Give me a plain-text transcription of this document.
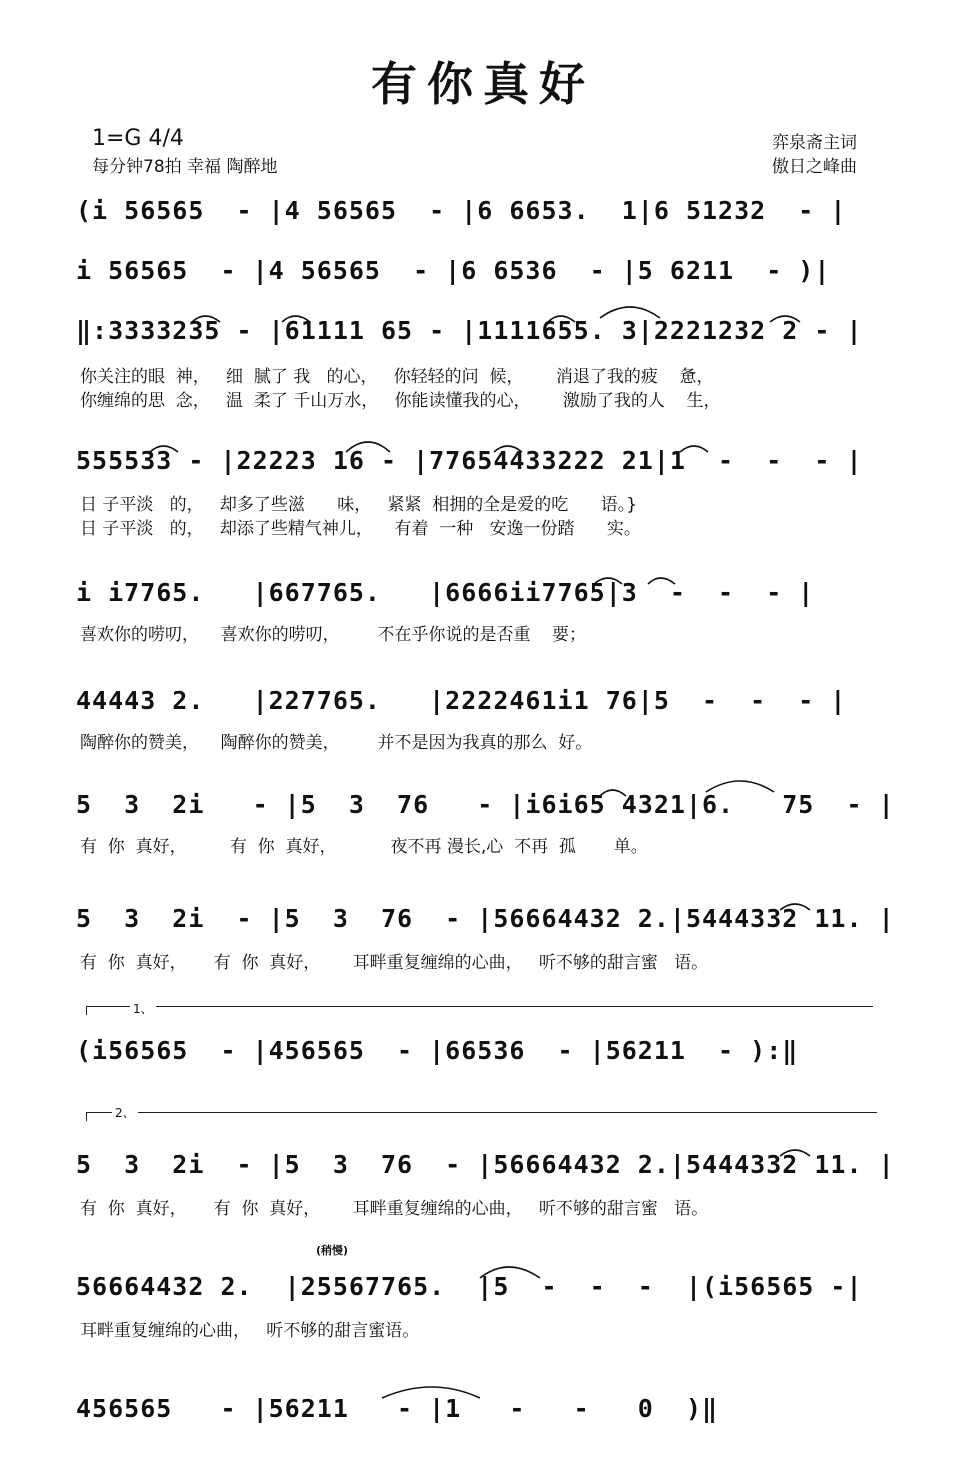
有你真好
1=G 4/4
每分钟78拍 幸福 陶醉地
弈泉斋主词
傲日之峰曲
(i 56565  - |4 56565  - |6 6653.  1|6 51232  - |
i 56565  - |4 56565  - |6 6536  - |5 6211  - )|
‖:3333235 - |61111 65 - |1111655. 3|2221232 2 - |
你关注的眼  神，   细  腻了 我   的心，   你轻轻的问  候，      消退了我的疲    惫，
你缠绵的思  念，   温  柔了 千山万水，   你能读懂我的心，      激励了我的人    生，
555533 - |22223 16 - |77654433222 21|1  -  -  - |
日 子平淡   的，   却多了些滋      味，   紧紧  相拥的全是爱的吃      语。}
日 子平淡   的，   却添了些精气神儿，    有着  一种   安逸一份踏      实。
i i7765.   |667765.   |6666ii7765|3  -  -  - |
喜欢你的唠叨，    喜欢你的唠叨，       不在乎你说的是否重    要；
44443 2.   |227765.   |2222461i1 76|5  -  -  - |
陶醉你的赞美，    陶醉你的赞美，       并不是因为我真的那么  好。
5  3  2i   - |5  3  76   - |i6i65 4321|6.   75  - |
有  你  真好，        有  你  真好，          夜不再 漫长,心  不再  孤       单。
5  3  2i  - |5  3  76  - |56664432 2.|5444332 11. |
有  你  真好，     有  你  真好，      耳畔重复缠绵的心曲，   听不够的甜言蜜   语。
1、
(i56565  - |456565  - |66536  - |56211  - ):‖
2、
5  3  2i  - |5  3  76  - |56664432 2.|5444332 11. |
有  你  真好，     有  你  真好，      耳畔重复缠绵的心曲，   听不够的甜言蜜   语。
(稍慢)
56664432 2.  |25567765.  |5  -  -  -  |(i56565 -|
耳畔重复缠绵的心曲，   听不够的甜言蜜语。
456565   - |56211   - |1   -   -   0  )‖
